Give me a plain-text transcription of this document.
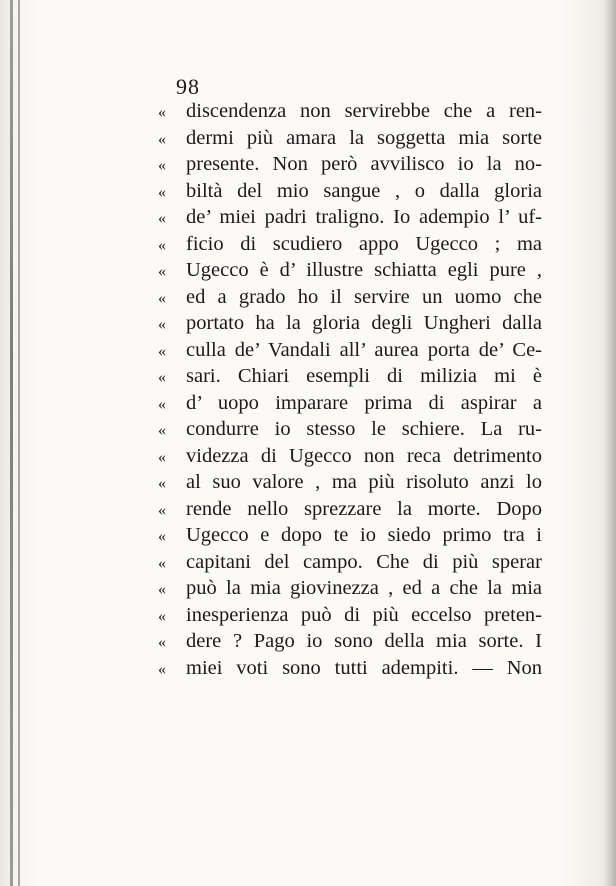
98
« discendenza non servirebbe che a ren-
« dermi più amara la soggetta mia sorte
« presente. Non però avvilisco io la no-
« biltà del mio sangue , o dalla gloria
« de’ miei padri traligno. Io adempio l’ uf-
« ficio di scudiero appo Ugecco ; ma
« Ugecco è d’ illustre schiatta egli pure ,
« ed a grado ho il servire un uomo che
« portato ha la gloria degli Ungheri dalla
« culla de’ Vandali all’ aurea porta de’ Ce-
« sari. Chiari esempli di milizia mi è
« d’ uopo imparare prima di aspirar a
« condurre io stesso le schiere. La ru-
« videzza di Ugecco non reca detrimento
« al suo valore , ma più risoluto anzi lo
« rende nello sprezzare la morte. Dopo
« Ugecco e dopo te io siedo primo tra i
« capitani del campo. Che di più sperar
« può la mia giovinezza , ed a che la mia
« inesperienza può di più eccelso preten-
« dere ? Pago io sono della mia sorte. I
« miei voti sono tutti adempiti. — Non
